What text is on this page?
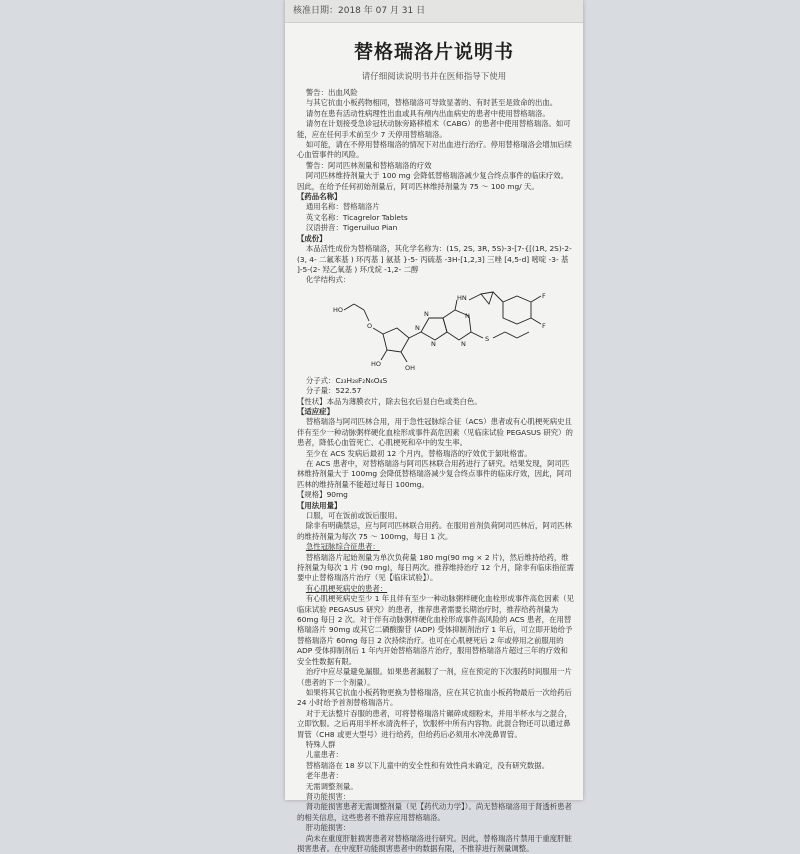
核准日期：2018 年 07 月 31 日
替格瑞洛片说明书
请仔细阅读说明书并在医师指导下使用

警告：出血风险

与其它抗血小板药物相同，替格瑞洛可导致显著的、有时甚至是致命的出血。

请勿在患有活动性病理性出血或具有颅内出血病史的患者中使用替格瑞洛。

请勿在计划接受急诊冠状动脉旁路移植术（CABG）的患者中使用替格瑞洛。如可能，应在任何手术前至少 7 天停用替格瑞洛。

如可能，请在不停用替格瑞洛的情况下对出血进行治疗。停用替格瑞洛会增加后续心血管事件的风险。

警告：阿司匹林剂量和替格瑞洛的疗效

阿司匹林维持剂量大于 100 mg 会降低替格瑞洛减少复合终点事件的临床疗效。因此，在给予任何初始剂量后，阿司匹林维持剂量为 75 ～ 100 mg/ 天。

【药品名称】

通用名称：替格瑞洛片

英文名称：Ticagrelor Tablets

汉语拼音：Tigeruiluo Pian

【成份】

本品活性成份为替格瑞洛，其化学名称为：(1S, 2S, 3R, 5S)-3-[7-{[(1R, 2S)-2-(3, 4- 二氟苯基 ) 环丙基 ] 氨基 }-5- 丙硫基 -3H-[1,2,3] 三唑 [4,5-d] 嘧啶 -3- 基 ]-5-(2- 羟乙氧基 ) 环戊烷 -1,2- 二醇

化学结构式：

HO
O
N
N
N
HN	F
F
N
N
S
HO	OH

分子式：C₂₃H₂₈F₂N₆O₄S

分子量：522.57

【性状】本品为薄膜衣片，除去包衣后显白色或类白色。

【适应症】

替格瑞洛与阿司匹林合用，用于急性冠脉综合征（ACS）患者或有心肌梗死病史且伴有至少一种动脉粥样硬化血栓形成事件高危因素（见临床试验 PEGASUS 研究）的患者，降低心血管死亡、心肌梗死和卒中的发生率。

至少在 ACS 发病后最初 12 个月内，替格瑞洛的疗效优于氯吡格雷。

在 ACS 患者中，对替格瑞洛与阿司匹林联合用药进行了研究。结果发现，阿司匹林维持剂量大于 100mg 会降低替格瑞洛减少复合终点事件的临床疗效，因此，阿司匹林的维持剂量不能超过每日 100mg。

【规格】90mg

【用法用量】

口服，可在饭前或饭后服用。

除非有明确禁忌，应与阿司匹林联合用药。在服用首剂负荷阿司匹林后，阿司匹林的维持剂量为每次 75 ～ 100mg，每日 1 次。

急性冠脉综合征患者：

替格瑞洛片起始剂量为单次负荷量 180 mg(90 mg × 2 片)，然后维持给药，维持剂量为每次 1 片 (90 mg)，每日两次。推荐维持治疗 12 个月，除非有临床指征需要中止替格瑞洛片治疗（见【临床试验】）。

有心肌梗死病史的患者：

有心肌梗死病史至少 1 年且伴有至少一种动脉粥样硬化血栓形成事件高危因素（见临床试验 PEGASUS 研究）的患者，推荐患者需要长期治疗时，推荐给药剂量为 60mg 每日 2 次。对于伴有动脉粥样硬化血栓形成事件高风险的 ACS 患者，在用替格瑞洛片 90mg 或其它二磷酸腺苷 (ADP) 受体抑制剂治疗 1 年后，可立即开始给予替格瑞洛片 60mg 每日 2 次持续治疗。也可在心肌梗死后 2 年或停用之前服用的 ADP 受体抑制剂后 1 年内开始替格瑞洛片治疗，服用替格瑞洛片超过三年的疗效和安全性数据有限。

治疗中应尽量避免漏服。如果患者漏服了一剂，应在预定的下次服药时间服用一片（患者的下一个剂量）。

如果将其它抗血小板药物更换为替格瑞洛，应在其它抗血小板药物最后一次给药后 24 小时给予首剂替格瑞洛片。

对于无法整片吞服的患者，可将替格瑞洛片碾碎成细粉末，并用半杯水与之混合，立即饮服。之后再用半杯水清洗杯子，饮服杯中所有内容物。此混合物还可以通过鼻胃管（CH8 或更大型号）进行给药，但给药后必须用水冲洗鼻胃管。

特殊人群

儿童患者：

替格瑞洛在 18 岁以下儿童中的安全性和有效性尚未确定，没有研究数据。

老年患者：

无需调整剂量。

肾功能损害：

肾功能损害患者无需调整剂量（见【药代动力学】）。尚无替格瑞洛用于肾透析患者的相关信息，这些患者不推荐应用替格瑞洛。

肝功能损害：

尚未在重度肝脏损害患者对替格瑞洛进行研究。因此，替格瑞洛片禁用于重度肝脏损害患者。在中度肝功能损害患者中的数据有限，不推荐进行剂量调整。
